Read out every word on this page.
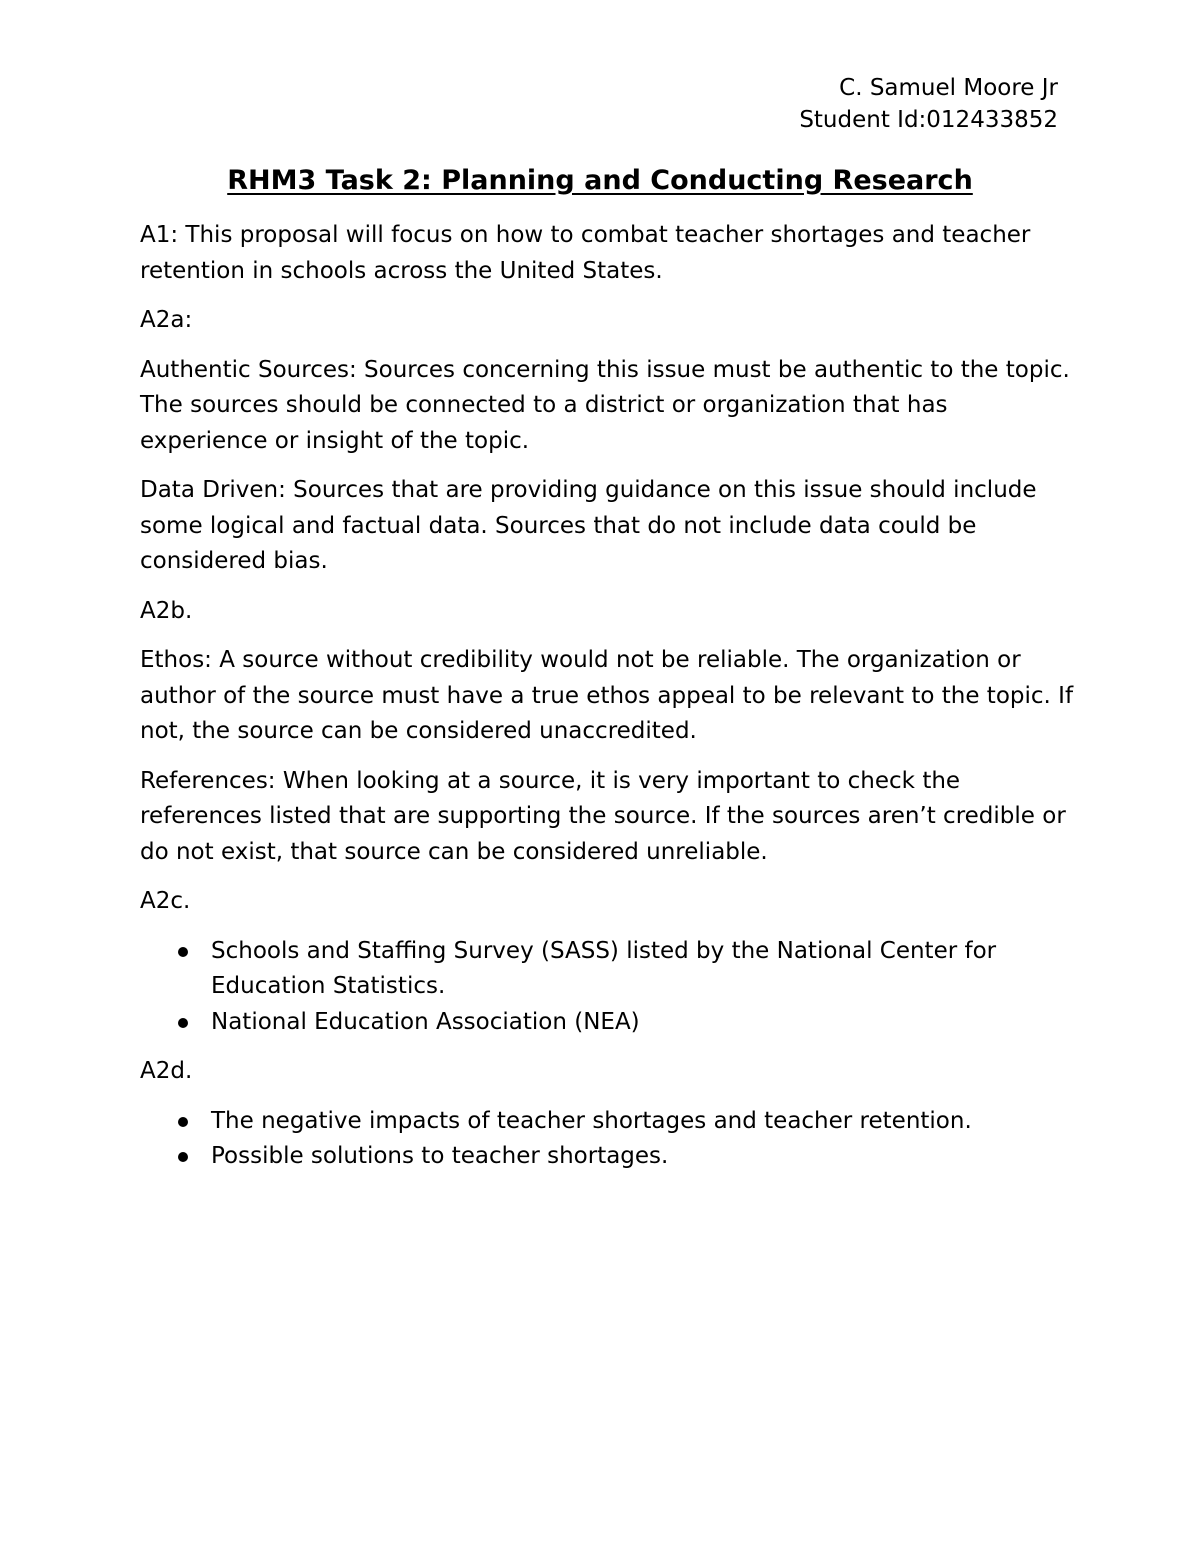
C. Samuel Moore Jr
Student Id:012433852
RHM3 Task 2: Planning and Conducting Research

A1: This proposal will focus on how to combat teacher shortages and teacher retention in schools across the United States.

A2a:

Authentic Sources: Sources concerning this issue must be authentic to the topic. The sources should be connected to a district or organization that has experience or insight of the topic.

Data Driven: Sources that are providing guidance on this issue should include some logical and factual data. Sources that do not include data could be considered bias.

A2b.

Ethos: A source without credibility would not be reliable. The organization or author of the source must have a true ethos appeal to be relevant to the topic. If not, the source can be considered unaccredited.

References: When looking at a source, it is very important to check the references listed that are supporting the source. If the sources aren’t credible or do not exist, that source can be considered unreliable.

A2c.

Schools and Staffing Survey (SASS) listed by the National Center for Education Statistics.
National Education Association (NEA)

A2d.

The negative impacts of teacher shortages and teacher retention.
Possible solutions to teacher shortages.
